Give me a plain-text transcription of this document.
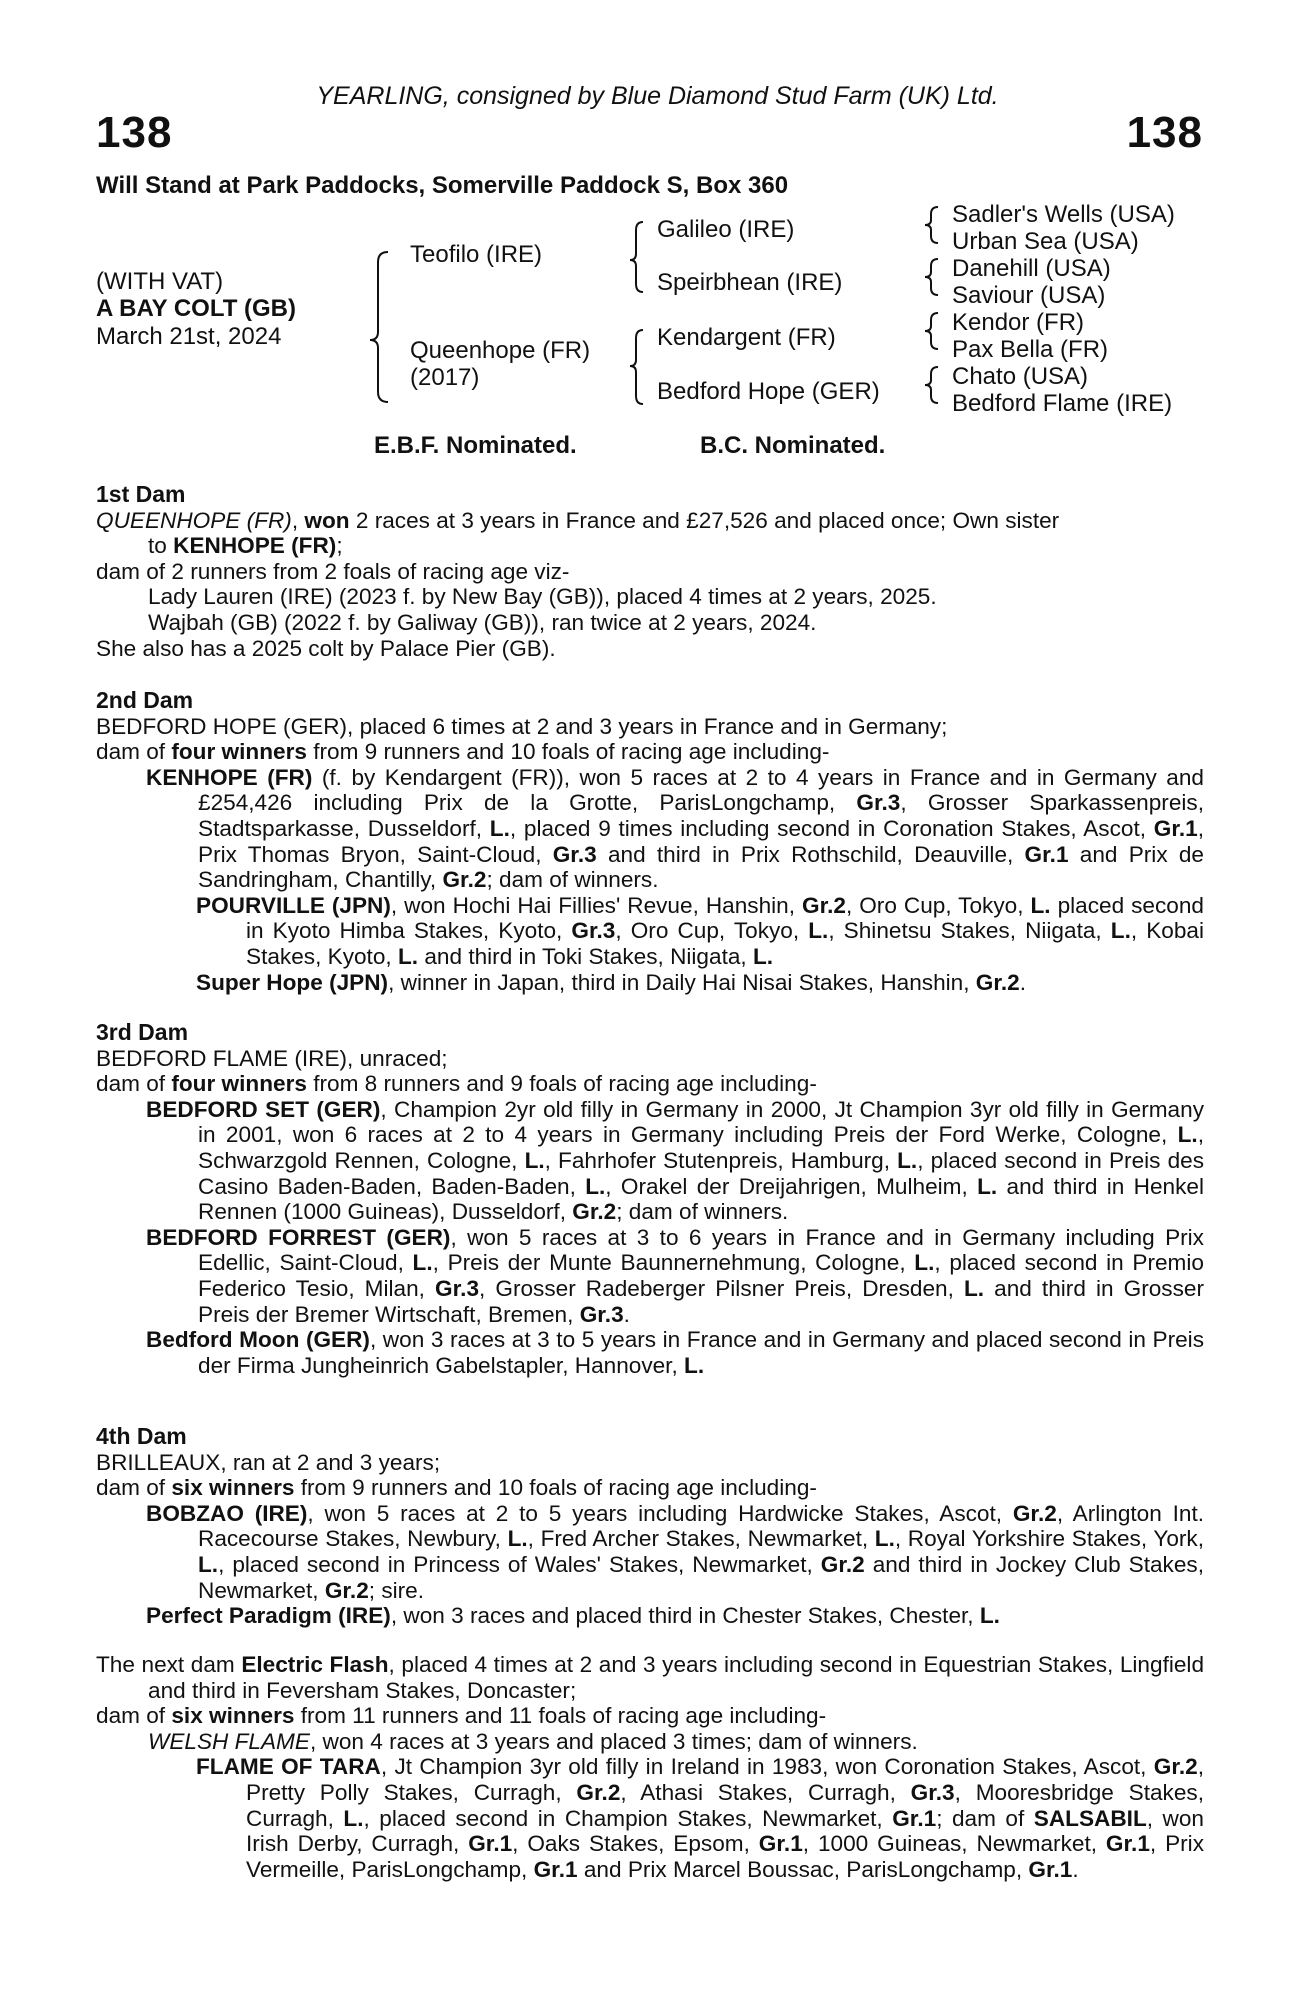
YEARLING, consigned by Blue Diamond Stud Farm (UK) Ltd.
138	138
Will Stand at Park Paddocks, Somerville Paddock S, Box 360
(WITH VAT)
A BAY COLT (GB)
March 21st, 2024
Teofilo (IRE)
Queenhope (FR)
(2017)
Galileo (IRE)
Speirbhean (IRE)
Kendargent (FR)
Bedford Hope (GER)
Sadler's Wells (USA)
Urban Sea (USA)
Danehill (USA)
Saviour (USA)
Kendor (FR)
Pax Bella (FR)
Chato (USA)
Bedford Flame (IRE)
E.B.F. Nominated.	B.C. Nominated.
1st Dam
QUEENHOPE (FR), won 2 races at 3 years in France and £27,526 and placed once; Own sister
to KENHOPE (FR);
dam of 2 runners from 2 foals of racing age viz-
Lady Lauren (IRE) (2023 f. by New Bay (GB)), placed 4 times at 2 years, 2025.
Wajbah (GB) (2022 f. by Galiway (GB)), ran twice at 2 years, 2024.
She also has a 2025 colt by Palace Pier (GB).
2nd Dam
BEDFORD HOPE (GER), placed 6 times at 2 and 3 years in France and in Germany;
dam of four winners from 9 runners and 10 foals of racing age including-
KENHOPE (FR) (f. by Kendargent (FR)), won 5 races at 2 to 4 years in France and in Germany and £254,426 including Prix de la Grotte, ParisLongchamp, Gr.3, Grosser Sparkassenpreis, Stadtsparkasse, Dusseldorf, L., placed 9 times including second in Coronation Stakes, Ascot, Gr.1, Prix Thomas Bryon, Saint-Cloud, Gr.3 and third in Prix Rothschild, Deauville, Gr.1 and Prix de Sandringham, Chantilly, Gr.2; dam of winners.
POURVILLE (JPN), won Hochi Hai Fillies' Revue, Hanshin, Gr.2, Oro Cup, Tokyo, L. placed second in Kyoto Himba Stakes, Kyoto, Gr.3, Oro Cup, Tokyo, L., Shinetsu Stakes, Niigata, L., Kobai Stakes, Kyoto, L. and third in Toki Stakes, Niigata, L.
Super Hope (JPN), winner in Japan, third in Daily Hai Nisai Stakes, Hanshin, Gr.2.
3rd Dam
BEDFORD FLAME (IRE), unraced;
dam of four winners from 8 runners and 9 foals of racing age including-
BEDFORD SET (GER), Champion 2yr old filly in Germany in 2000, Jt Champion 3yr old filly in Germany in 2001, won 6 races at 2 to 4 years in Germany including Preis der Ford Werke, Cologne, L., Schwarzgold Rennen, Cologne, L., Fahrhofer Stutenpreis, Hamburg, L., placed second in Preis des Casino Baden-Baden, Baden-Baden, L., Orakel der Dreijahrigen, Mulheim, L. and third in Henkel Rennen (1000 Guineas), Dusseldorf, Gr.2; dam of winners.
BEDFORD FORREST (GER), won 5 races at 3 to 6 years in France and in Germany including Prix Edellic, Saint-Cloud, L., Preis der Munte Baunnernehmung, Cologne, L., placed second in Premio Federico Tesio, Milan, Gr.3, Grosser Radeberger Pilsner Preis, Dresden, L. and third in Grosser Preis der Bremer Wirtschaft, Bremen, Gr.3.
Bedford Moon (GER), won 3 races at 3 to 5 years in France and in Germany and placed second in Preis der Firma Jungheinrich Gabelstapler, Hannover, L.
4th Dam
BRILLEAUX, ran at 2 and 3 years;
dam of six winners from 9 runners and 10 foals of racing age including-
BOBZAO (IRE), won 5 races at 2 to 5 years including Hardwicke Stakes, Ascot, Gr.2, Arlington Int. Racecourse Stakes, Newbury, L., Fred Archer Stakes, Newmarket, L., Royal Yorkshire Stakes, York, L., placed second in Princess of Wales' Stakes, Newmarket, Gr.2 and third in Jockey Club Stakes, Newmarket, Gr.2; sire.
Perfect Paradigm (IRE), won 3 races and placed third in Chester Stakes, Chester, L.
The next dam Electric Flash, placed 4 times at 2 and 3 years including second in Equestrian Stakes, Lingfield and third in Feversham Stakes, Doncaster;
dam of six winners from 11 runners and 11 foals of racing age including-
WELSH FLAME, won 4 races at 3 years and placed 3 times; dam of winners.
FLAME OF TARA, Jt Champion 3yr old filly in Ireland in 1983, won Coronation Stakes, Ascot, Gr.2, Pretty Polly Stakes, Curragh, Gr.2, Athasi Stakes, Curragh, Gr.3, Mooresbridge Stakes, Curragh, L., placed second in Champion Stakes, Newmarket, Gr.1; dam of SALSABIL, won Irish Derby, Curragh, Gr.1, Oaks Stakes, Epsom, Gr.1, 1000 Guineas, Newmarket, Gr.1, Prix Vermeille, ParisLongchamp, Gr.1 and Prix Marcel Boussac, ParisLongchamp, Gr.1.
